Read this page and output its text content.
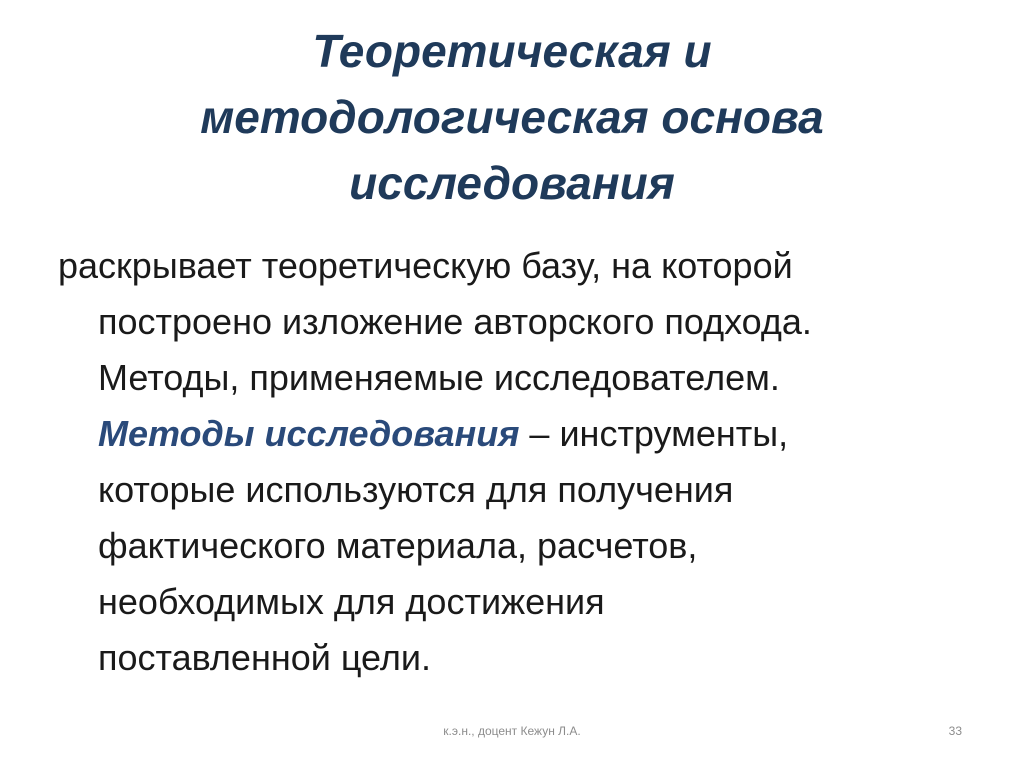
Теоретическая и
методологическая основа
исследования

раскрывает теоретическую базу, на которой
построено изложение авторского подхода.
Методы, применяемые исследователем.
Методы исследования – инструменты,
которые используются для получения
фактического материала, расчетов,
необходимых для достижения
поставленной цели.

к.э.н., доцент Кежун Л.А.	33
